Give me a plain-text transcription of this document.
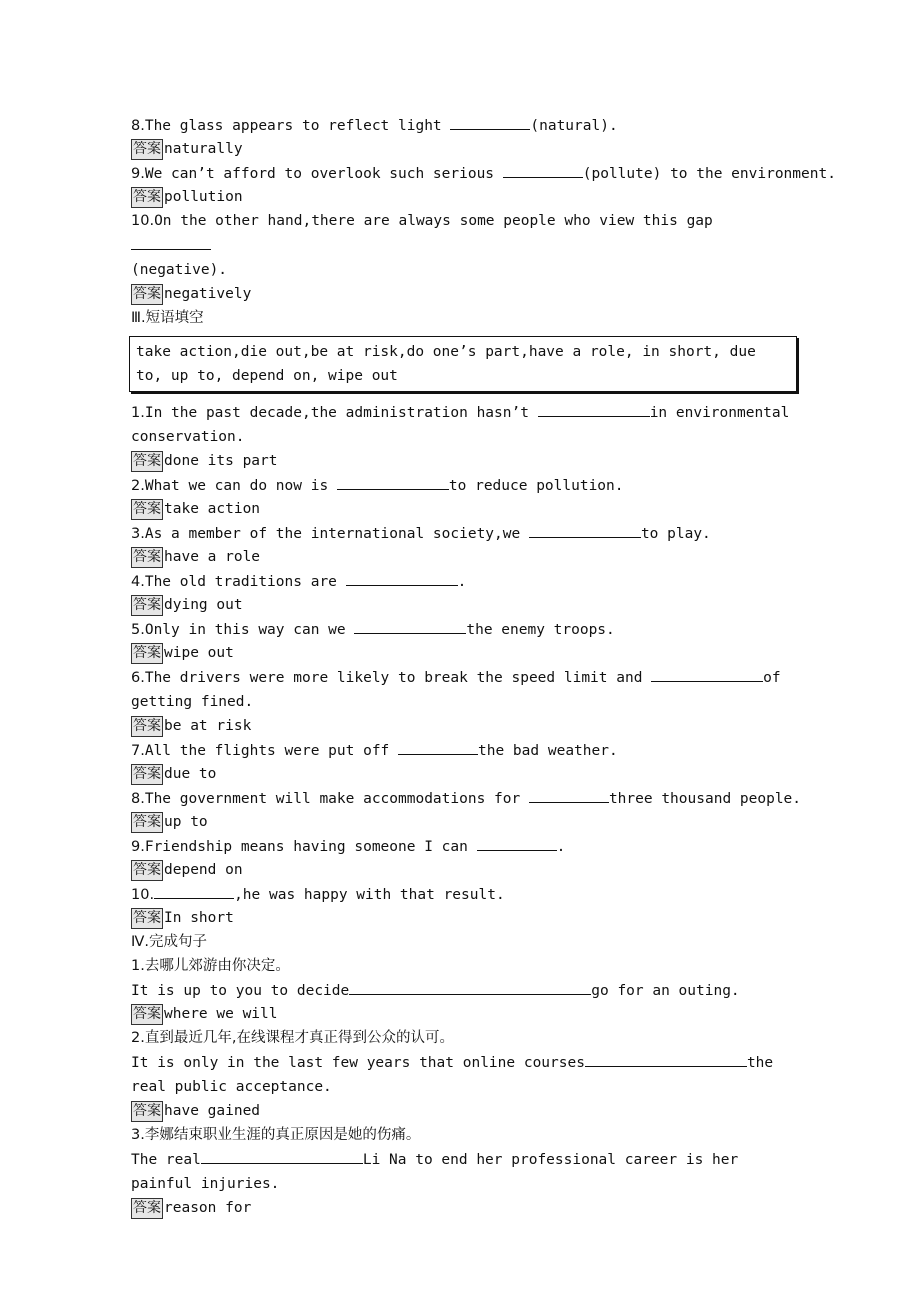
8.The glass appears to reflect light	(natural).
答案 naturally
9.We can’t afford to overlook such serious	(pollute) to the environment.
答案 pollution
10.On the other hand,there are always some people who view this gap
(negative).
答案 negatively
Ⅲ.短语填空
take action,die out,be at risk,do one’s part,have a role, in short, due to, up to, depend on, wipe out
1.In the past decade,the administration hasn’t	in environmental conservation.
答案 done its part
2.What we can do now is	to reduce pollution.
答案 take action
3.As a member of the international society,we	to play.
答案 have a role
4.The old traditions are	.
答案 dying out
5.Only in this way can we	the enemy troops.
答案 wipe out
6.The drivers were more likely to break the speed limit and	of getting fined.
答案 be at risk
7.All the flights were put off	the bad weather.
答案 due to
8.The government will make accommodations for	three thousand people.
答案 up to
9.Friendship means having someone I can	.
答案 depend on
10.	,he was happy with that result.
答案 In short
Ⅳ.完成句子
1.去哪儿郊游由你决定。
It is up to you to decide	go for an outing.
答案 where we will
2.直到最近几年,在线课程才真正得到公众的认可。
It is only in the last few years that online courses	the real public acceptance.
答案 have gained
3.李娜结束职业生涯的真正原因是她的伤痛。
The real	Li Na to end her professional career is her painful injuries.
答案 reason for
